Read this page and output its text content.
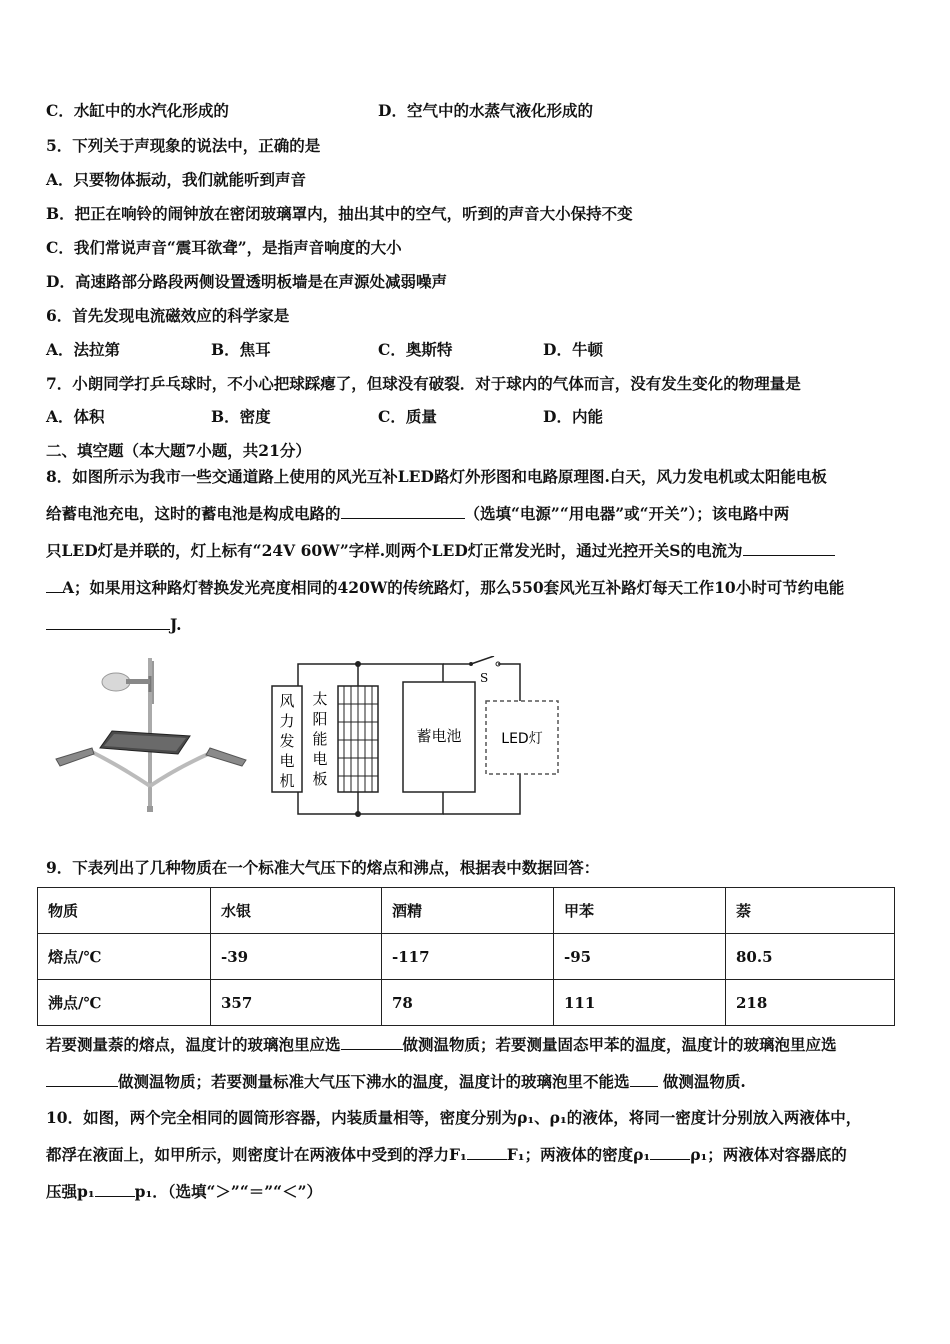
C．水缸中的水汽化形成的	D．空气中的水蒸气液化形成的
5．下列关于声现象的说法中，正确的是
A．只要物体振动，我们就能听到声音
B．把正在响铃的闹钟放在密闭玻璃罩内，抽出其中的空气，听到的声音大小保持不变
C．我们常说声音“震耳欲聋”，是指声音响度的大小
D．高速路部分路段两侧设置透明板墙是在声源处减弱噪声
6．首先发现电流磁效应的科学家是
A．法拉第	B．焦耳	C．奥斯特	D．牛顿
7．小朗同学打乒乓球时，不小心把球踩瘪了，但球没有破裂．对于球内的气体而言，没有发生变化的物理量是
A．体积	B．密度	C．质量	D．内能
二、填空题（本大题7小题，共21分）
8．如图所示为我市一些交通道路上使用的风光互补LED路灯外形图和电路原理图.白天，风力发电机或太阳能电板
给蓄电池充电，这时的蓄电池是构成电路的	（选填“电源”“用电器”或“开关”）；该电路中两
只LED灯是并联的，灯上标有“24V 60W”字样.则两个LED灯正常发光时，通过光控开关S的电流为
A；如果用这种路灯替换发光亮度相同的420W的传统路灯，那么550套风光互补路灯每天工作10小时可节约电能
J.
S
风
力
发
电
机
太
阳
能
电
板
蓄电池	LED灯
9．下表列出了几种物质在一个标准大气压下的熔点和沸点，根据表中数据回答：
物质	水银	酒精	甲苯	萘
熔点/℃	-39	-117	-95	80.5
沸点/℃	357	78	111	218
若要测量萘的熔点，温度计的玻璃泡里应选	做测温物质；若要测量固态甲苯的温度，温度计的玻璃泡里应选
做测温物质；若要测量标准大气压下沸水的温度，温度计的玻璃泡里不能选 做测温物质.
10．如图，两个完全相同的圆筒形容器，内装质量相等，密度分别为ρ₁、ρ₁的液体，将同一密度计分别放入两液体中，
都浮在液面上，如甲所示，则密度计在两液体中受到的浮力F₁	F₁；两液体的密度ρ₁	ρ₁；两液体对容器底的
压强p₁	p₁．（选填“＞”“＝”“＜”）
